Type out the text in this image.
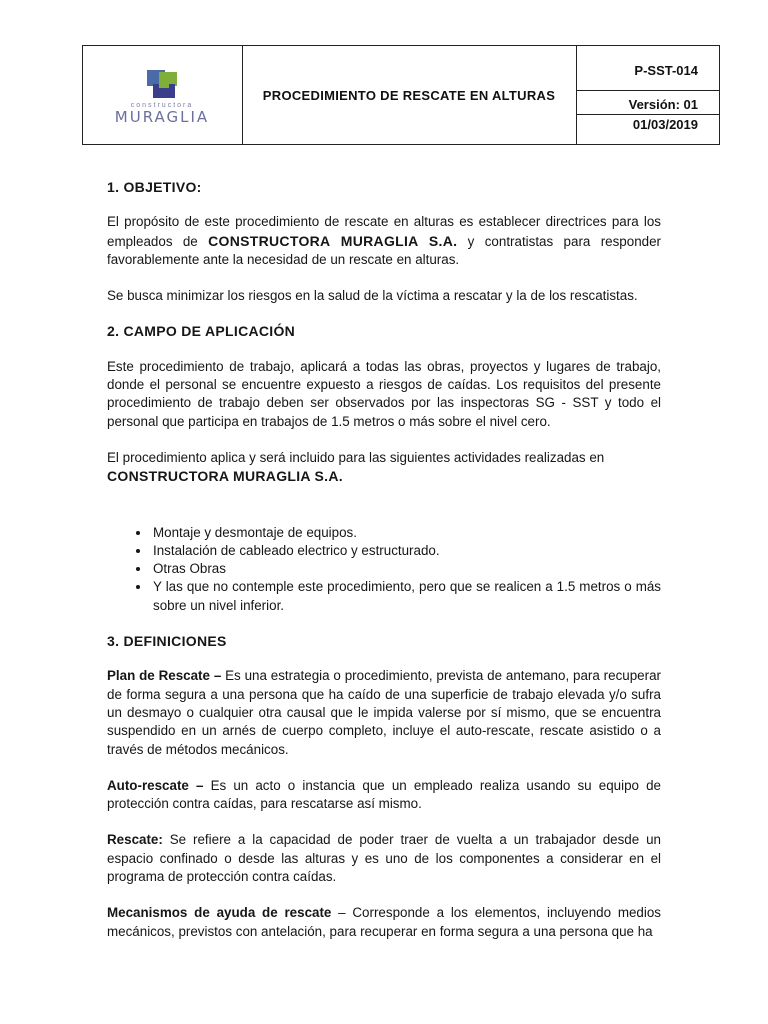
constructora
MURAGLIA
PROCEDIMIENTO DE RESCATE EN ALTURAS
P-SST-014
Versión: 01
01/03/2019
1. OBJETIVO:

El propósito de este procedimiento de rescate en alturas es establecer directrices para los empleados de CONSTRUCTORA MURAGLIA S.A. y contratistas para responder favorablemente ante la necesidad de un rescate en alturas.

Se busca minimizar los riesgos en la salud de la víctima a rescatar y la de los rescatistas.

2. CAMPO DE APLICACIÓN

Este procedimiento de trabajo, aplicará a todas las obras, proyectos y lugares de trabajo, donde el personal se encuentre expuesto a riesgos de caídas. Los requisitos del presente procedimiento de trabajo deben ser observados por las inspectoras SG - SST y todo el personal que participa en trabajos de 1.5 metros o más sobre el nivel cero.

El procedimiento aplica y será incluido para las siguientes actividades realizadas en
CONSTRUCTORA MURAGLIA S.A.

• Montaje y desmontaje de equipos.
• Instalación de cableado electrico y estructurado.
• Otras Obras
• Y las que no contemple este procedimiento, pero que se realicen a 1.5 metros o más sobre un nivel inferior.
3. DEFINICIONES

Plan de Rescate – Es una estrategia o procedimiento, prevista de antemano, para recuperar de forma segura a una persona que ha caído de una superficie de trabajo elevada y/o sufra un desmayo o cualquier otra causal que le impida valerse por sí mismo, que se encuentra suspendido en un arnés de cuerpo completo, incluye el auto-rescate, rescate asistido o a través de métodos mecánicos.

Auto-rescate – Es un acto o instancia que un empleado realiza usando su equipo de protección contra caídas, para rescatarse así mismo.

Rescate: Se refiere a la capacidad de poder traer de vuelta a un trabajador desde un espacio confinado o desde las alturas y es uno de los componentes a considerar en el programa de protección contra caídas.

Mecanismos de ayuda de rescate – Corresponde a los elementos, incluyendo medios mecánicos, previstos con antelación, para recuperar en forma segura a una persona que ha
